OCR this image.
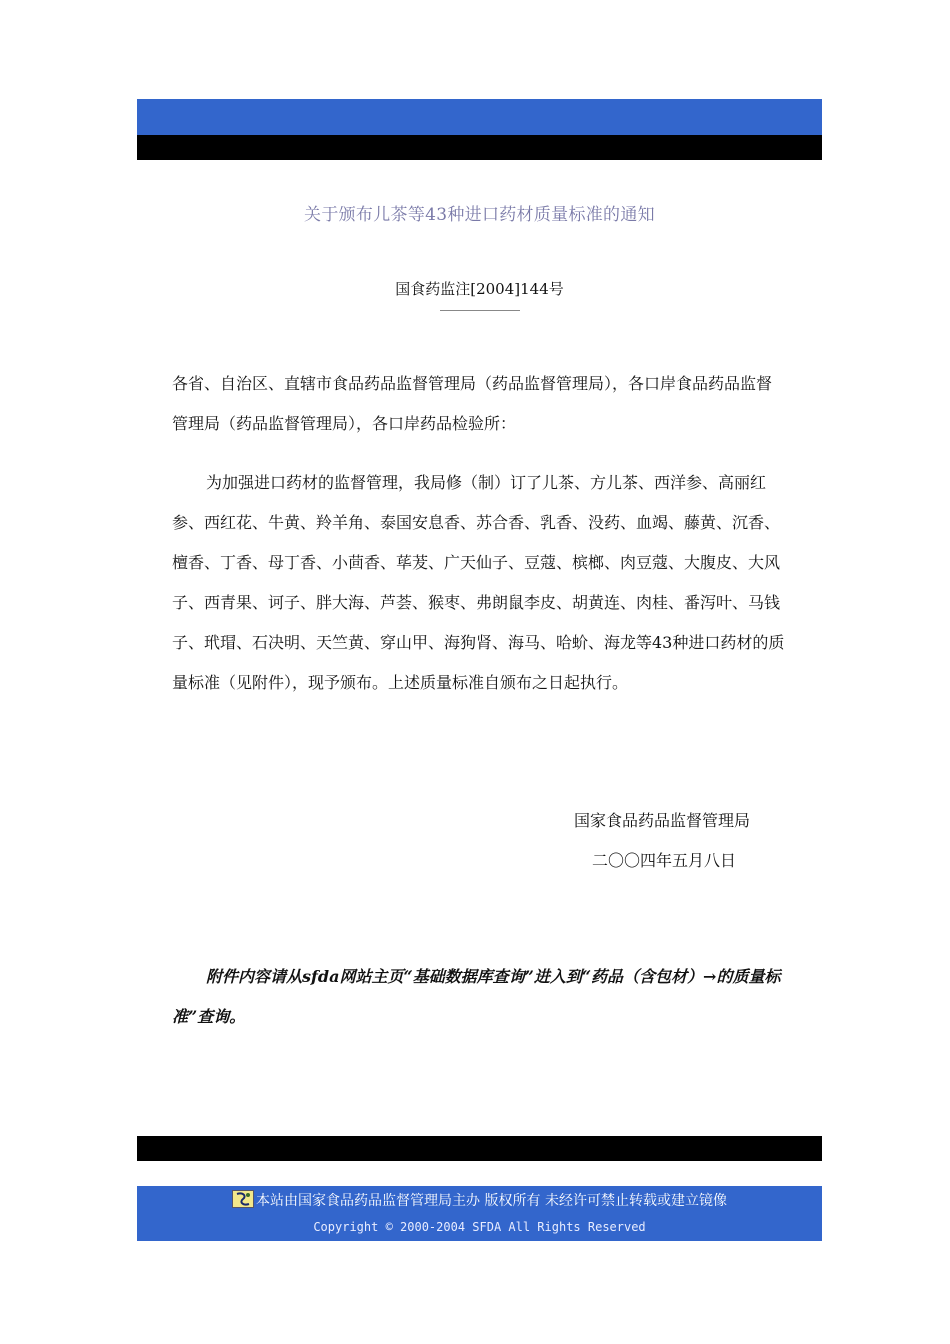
关于颁布儿茶等43种进口药材质量标准的通知
国食药监注[2004]144号

各省、自治区、直辖市食品药品监督管理局（药品监督管理局），各口岸食品药品监督管理局（药品监督管理局），各口岸药品检验所：

为加强进口药材的监督管理，我局修（制）订了儿茶、方儿茶、西洋参、高丽红参、西红花、牛黄、羚羊角、泰国安息香、苏合香、乳香、没药、血竭、藤黄、沉香、檀香、丁香、母丁香、小茴香、荜茇、广天仙子、豆蔻、槟榔、肉豆蔻、大腹皮、大风子、西青果、诃子、胖大海、芦荟、猴枣、弗朗鼠李皮、胡黄连、肉桂、番泻叶、马钱子、玳瑁、石决明、天竺黄、穿山甲、海狗肾、海马、哈蚧、海龙等43种进口药材的质量标准（见附件），现予颁布。上述质量标准自颁布之日起执行。

国家食品药品监督管理局
二〇〇四年五月八日

附件内容请从sfda网站主页“基础数据库查询”进入到“药品（含包材）→的质量标准”查询。

本站由国家食品药品监督管理局主办 版权所有 未经许可禁止转载或建立镜像
Copyright © 2000-2004 SFDA All Rights Reserved
